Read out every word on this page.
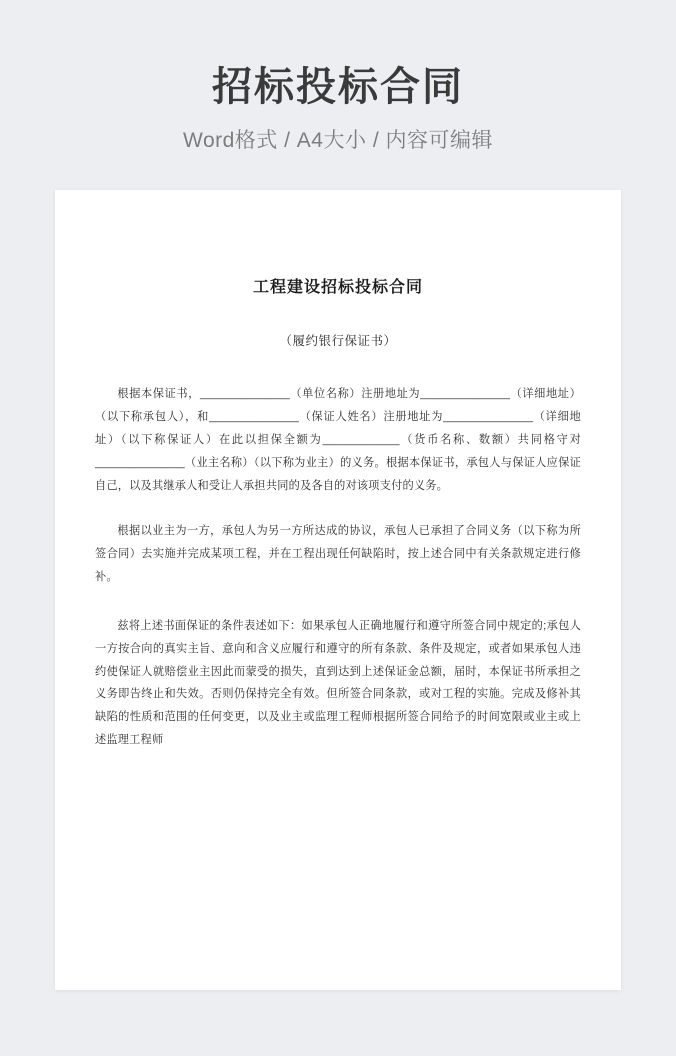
招标投标合同
Word格式 / A4大小 / 内容可编辑
工程建设招标投标合同
（履约银行保证书）

根据本保证书，______________（单位名称）注册地址为______________（详细地址）（以下称承包人），和______________（保证人姓名）注册地址为______________（详细地址）（以下称保证人）在此以担保全额为____________（货币名称、数额）共同格守对______________（业主名称）（以下称为业主）的义务。根据本保证书，承包人与保证人应保证自己，以及其继承人和受让人承担共同的及各自的对该项支付的义务。

根据以业主为一方，承包人为另一方所达成的协议，承包人已承担了合同义务（以下称为所签合同）去实施并完成某项工程，并在工程出现任何缺陷时，按上述合同中有关条款规定进行修补。

兹将上述书面保证的条件表述如下：如果承包人正确地履行和遵守所签合同中规定的;承包人一方按合向的真实主旨、意向和含义应履行和遵守的所有条款、条件及规定，或者如果承包人违约使保证人就赔偿业主因此而蒙受的损失，直到达到上述保证金总额，届时，本保证书所承担之义务即告终止和失效。否则仍保持完全有效。但所签合同条款，或对工程的实施。完成及修补其缺陷的性质和范围的任何变更，以及业主或监理工程师根据所签合同给予的时间宽限或业主或上述监理工程师
